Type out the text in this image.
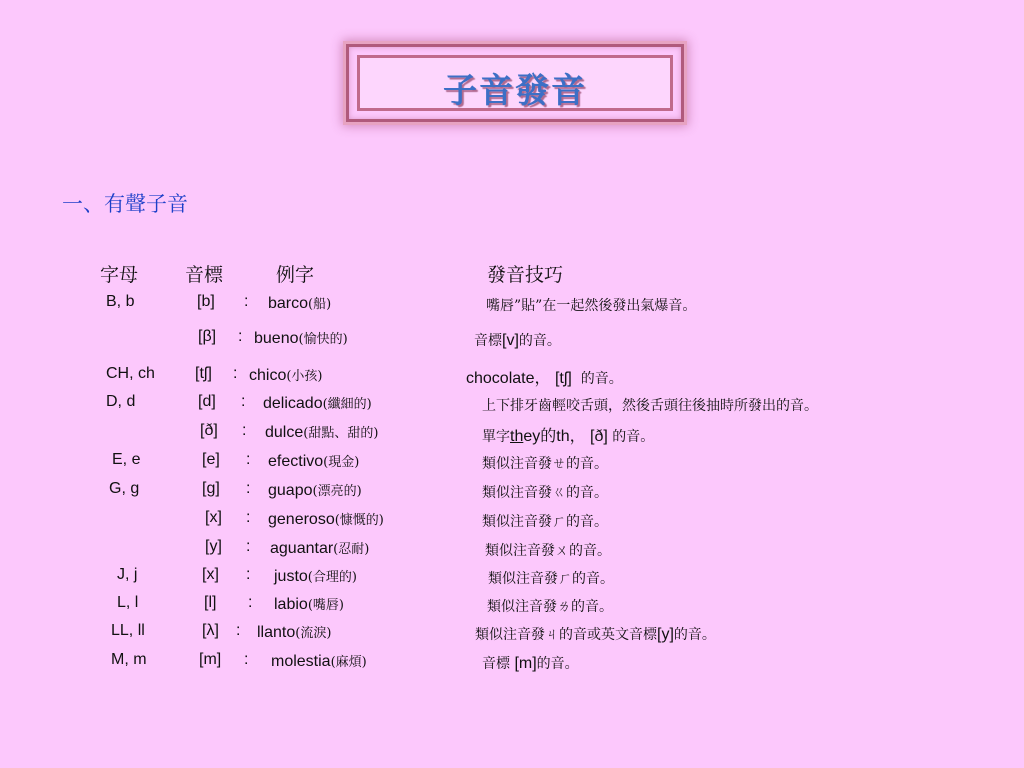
子音發音
一、有聲子音
字母 音標	例字	發音技巧
B, b	[b] : barco(船)	嘴唇”貼”在一起然後發出氣爆音。
[β] : bueno(愉快的)	音標[v]的音。
CH, ch	[tʃ] : chico(小孩)	chocolate， [tʃ] 的音。
D, d	[d] : delicado(纖細的)	上下排牙齒輕咬舌頭，然後舌頭往後抽時所發出的音。
[ð] : dulce(甜點、甜的)	單字they的th， [ð] 的音。
E, e	[e] : efectivo(現金)	類似注音發ㄝ的音。
G, g	[g] : guapo(漂亮的)	類似注音發ㄍ的音。
[x] : generoso(慷慨的)	類似注音發ㄏ的音。
[y] : aguantar(忍耐)	類似注音發ㄨ的音。
J, j	[x] : justo(合理的)	類似注音發ㄏ的音。
L, l	[l] : labio(嘴唇)	類似注音發ㄌ的音。
LL, ll	[λ] : llanto(流淚)	類似注音發ㄐ的音或英文音標[y]的音。
M, m	[m] : molestia(麻煩)	音標 [m]的音。
